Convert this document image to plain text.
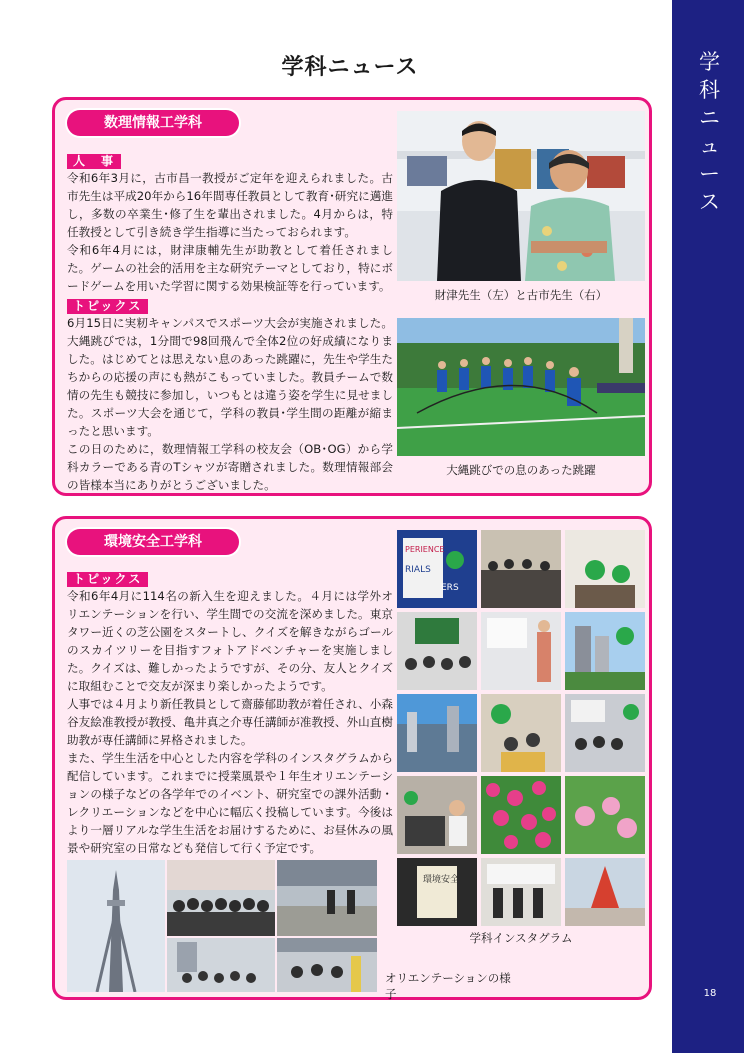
学
科
ニ
ュ
ー
ス
18
学科ニュース
数理情報工学科
人　事

令和6年3月に，古市昌一教授がご定年を迎えられました。古市先生は平成20年から16年間専任教員として教育･研究に邁進し，多数の卒業生･修了生を輩出されました。4月からは，特任教授として引き続き学生指導に当たっておられます。

令和6年4月には，財津康輔先生が助教として着任されました。ゲームの社会的活用を主な研究テーマとしており，特にボードゲームを用いた学習に関する効果検証等を行っています。

トピックス

6月15日に実籾キャンパスでスポーツ大会が実施されました。大縄跳びでは，1分間で98回飛んで全体2位の好成績になりました。はじめてとは思えない息のあった跳躍に，先生や学生たちからの応援の声にも熱がこもっていました。教員チームで数情の先生も競技に参加し，いつもとは違う姿を学生に見せました。スポーツ大会を通じて，学科の教員･学生間の距離が縮まったと思います。

この日のために，数理情報工学科の校友会（OB･OG）から学科カラーである青のTシャツが寄贈されました。数理情報部会の皆様本当にありがとうございました。

財津先生（左）と古市先生（右）
大縄跳びでの息のあった跳躍
環境安全工学科
トピックス

令和6年4月に114名の新入生を迎えました。４月には学外オリエンテーションを行い、学生間での交流を深めました。東京タワー近くの芝公園をスタートし、クイズを解きながらゴールのスカイツリーを目指すフォトアドベンチャーを実施しました。クイズは、難しかったようですが、その分、友人とクイズに取組むことで交友が深まり楽しかったようです。

人事では４月より新任教員として齋藤郁助教が着任され、小森谷友絵准教授が教授、亀井真之介専任講師が准教授、外山直樹助教が専任講師に昇格されました。

また、学生生活を中心とした内容を学科のインスタグラムから配信しています。これまでに授業風景や１年生オリエンテーションの様子などの各学年でのイベント、研究室での課外活動・レクリエーションなどを中心に幅広く投稿しています。今後はより一層リアルな学生生活をお届けするために、お昼休みの風景や研究室の日常なども発信して行く予定です。

PERIENCE
RIALS
ERS
環境安全
学科インスタグラム
オリエンテーションの様子
